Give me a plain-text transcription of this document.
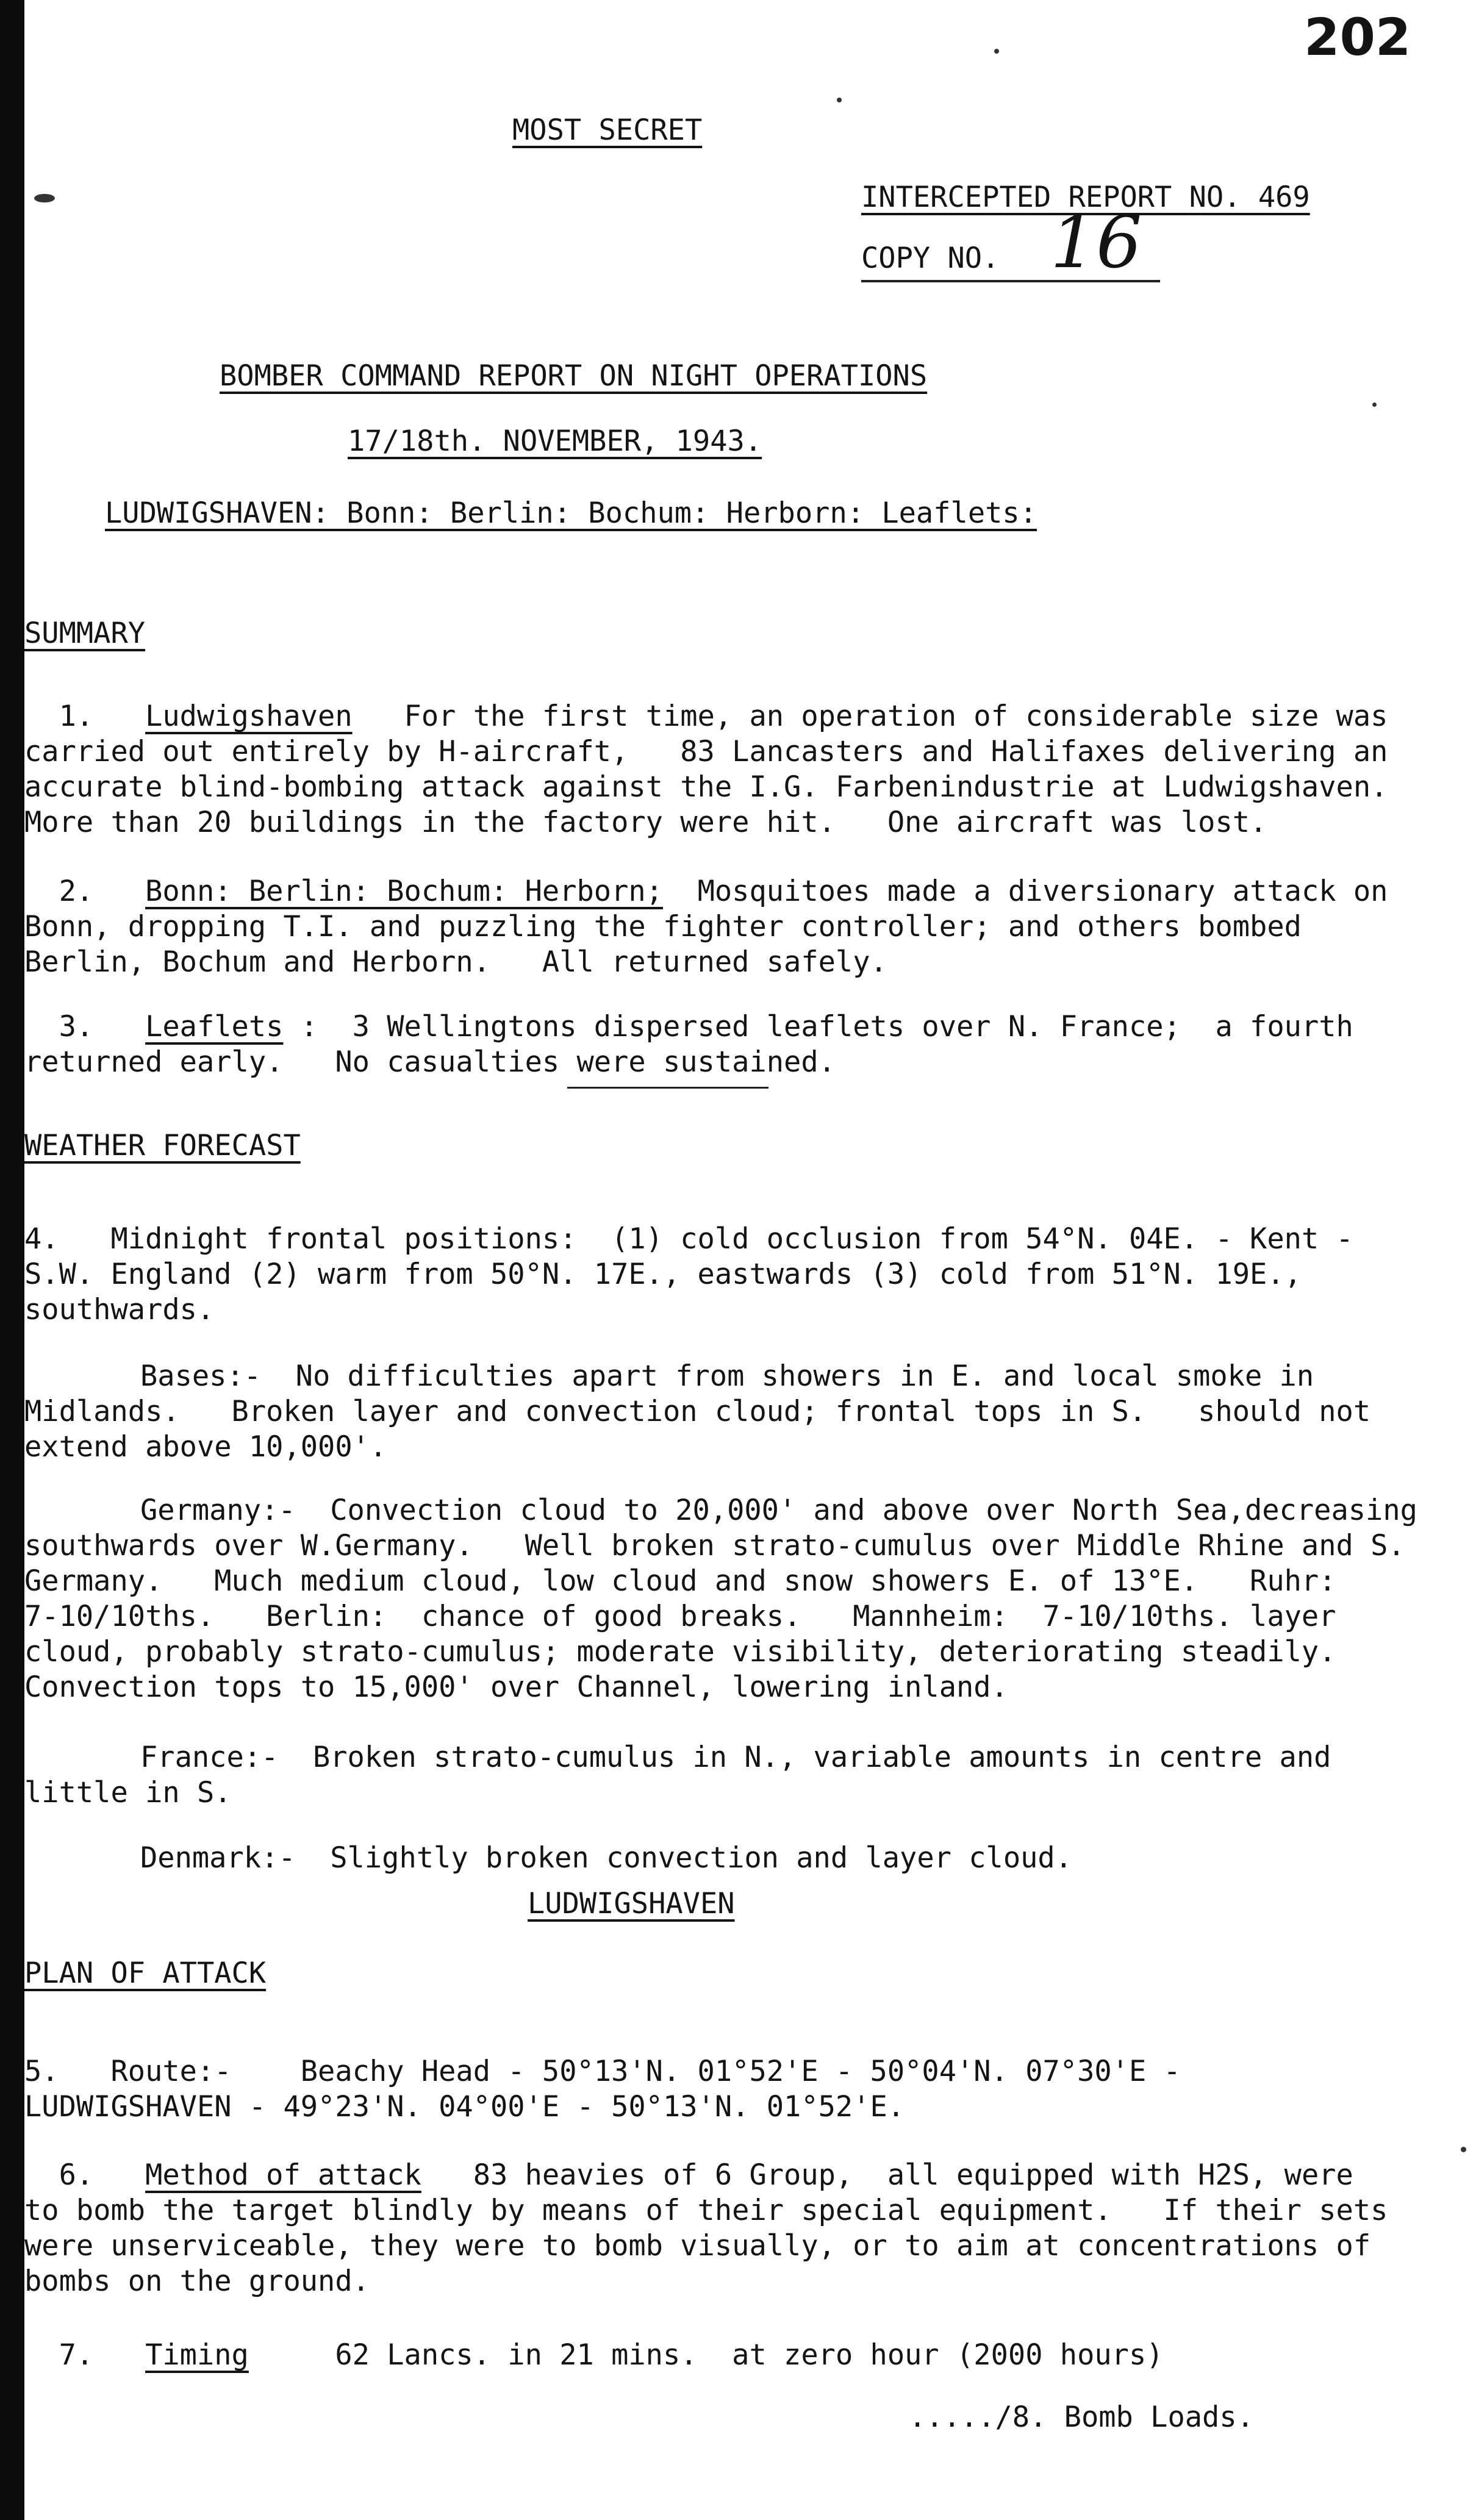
202
MOST SECRET
INTERCEPTED REPORT NO. 469
COPY NO. 16
BOMBER COMMAND REPORT ON NIGHT OPERATIONS
17/18th. NOVEMBER, 1943.
LUDWIGSHAVEN: Bonn: Berlin: Bochum: Herborn: Leaflets:
SUMMARY

1. Ludwigshaven For the first time, an operation of considerable size was
carried out entirely by H-aircraft,   83 Lancasters and Halifaxes delivering an
accurate blind-bombing attack against the I.G. Farbenindustrie at Ludwigshaven.
More than 20 buildings in the factory were hit.   One aircraft was lost.

2. Bonn: Berlin: Bochum: Herborn; Mosquitoes made a diversionary attack on
Bonn, dropping T.I. and puzzling the fighter controller; and others bombed
Berlin, Bochum and Herborn.   All returned safely.

3. Leaflets :  3 Wellingtons dispersed leaflets over N. France;  a fourth
returned early.   No casualties were sustained.

WEATHER FORECAST

4.   Midnight frontal positions:  (1) cold occlusion from 54°N. 04E. - Kent -
S.W. England (2) warm from 50°N. 17E., eastwards (3) cold from 51°N. 19E.,
southwards.

Bases:-  No difficulties apart from showers in E. and local smoke in
Midlands.   Broken layer and convection cloud; frontal tops in S.   should not
extend above 10,000'.

Germany:-  Convection cloud to 20,000' and above over North Sea,decreasing
southwards over W.Germany.   Well broken strato-cumulus over Middle Rhine and S.
Germany.   Much medium cloud, low cloud and snow showers E. of 13°E.   Ruhr:
7-10/10ths.   Berlin:  chance of good breaks.   Mannheim:  7-10/10ths. layer
cloud, probably strato-cumulus; moderate visibility, deteriorating steadily.
Convection tops to 15,000' over Channel, lowering inland.

France:-  Broken strato-cumulus in N., variable amounts in centre and
little in S.

Denmark:-  Slightly broken convection and layer cloud.

LUDWIGSHAVEN
PLAN OF ATTACK

5.   Route:-    Beachy Head - 50°13'N. 01°52'E - 50°04'N. 07°30'E -
LUDWIGSHAVEN - 49°23'N. 04°00'E - 50°13'N. 01°52'E.

6. Method of attack 83 heavies of 6 Group,  all equipped with H2S, were
to bomb the target blindly by means of their special equipment.   If their sets
were unserviceable, they were to bomb visually, or to aim at concentrations of
bombs on the ground.

7. Timing	62 Lancs. in 21 mins.  at zero hour (2000 hours)

...../8. Bomb Loads.
